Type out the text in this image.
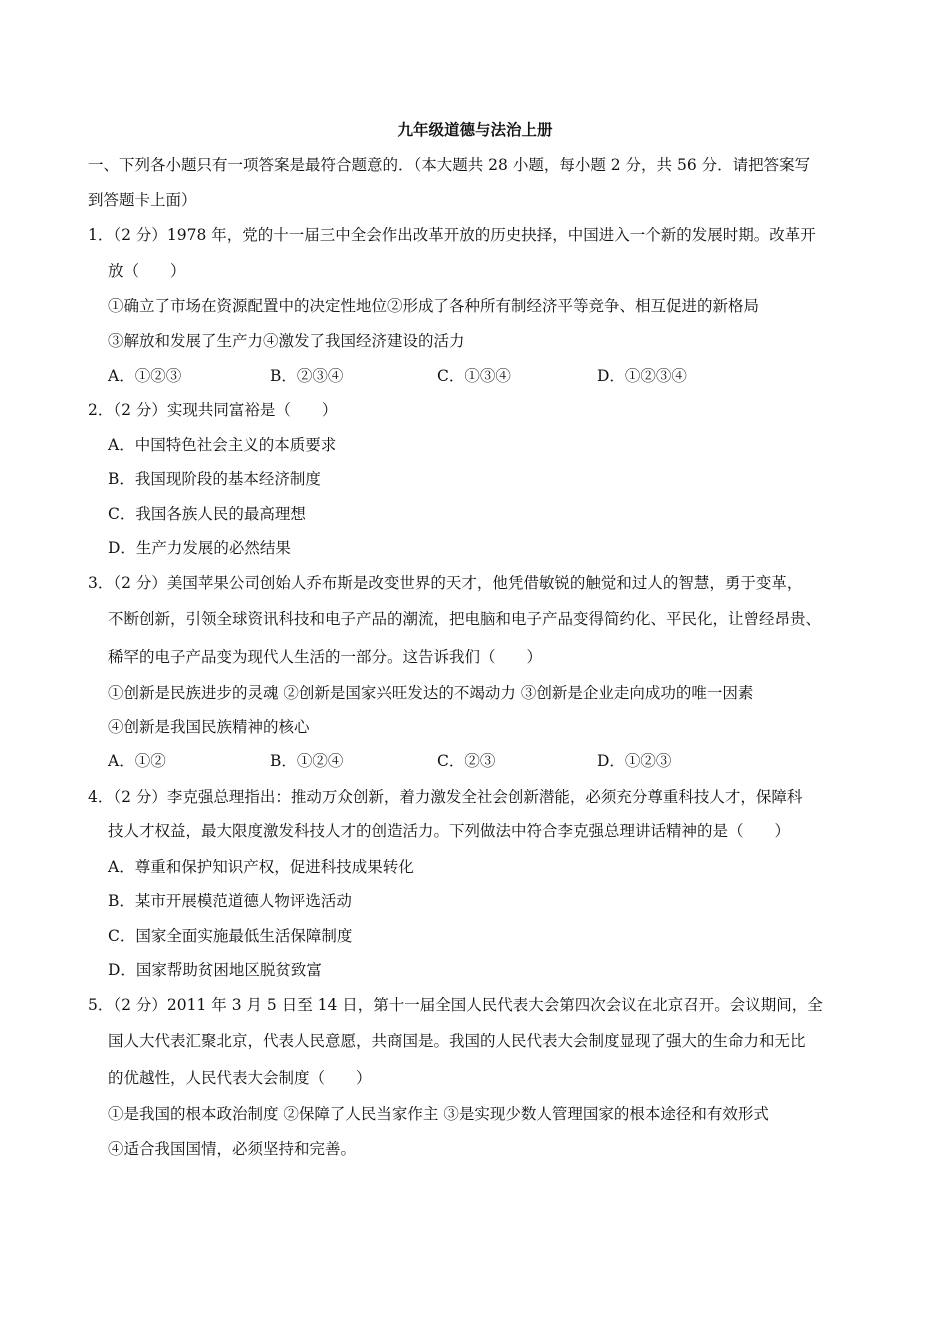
九年级道德与法治上册
一、下列各小题只有一项答案是最符合题意的．（本大题共 28 小题，每小题 2 分，共 56 分．请把答案写
到答题卡上面）
1．（2 分）1978 年，党的十一届三中全会作出改革开放的历史抉择，中国进入一个新的发展时期。改革开
放（　　）
①确立了市场在资源配置中的决定性地位②形成了各种所有制经济平等竞争、相互促进的新格局
③解放和发展了生产力④激发了我国经济建设的活力
A．①②③	B．②③④	C．①③④	D．①②③④
2．（2 分）实现共同富裕是（　　）
A．中国特色社会主义的本质要求
B．我国现阶段的基本经济制度
C．我国各族人民的最高理想
D．生产力发展的必然结果
3．（2 分）美国苹果公司创始人乔布斯是改变世界的天才，他凭借敏锐的触觉和过人的智慧，勇于变革，
不断创新，引领全球资讯科技和电子产品的潮流，把电脑和电子产品变得简约化、平民化，让曾经昂贵、
稀罕的电子产品变为现代人生活的一部分。这告诉我们（　　）
①创新是民族进步的灵魂 ②创新是国家兴旺发达的不竭动力 ③创新是企业走向成功的唯一因素
④创新是我国民族精神的核心
A．①②	B．①②④	C．②③	D．①②③
4．（2 分）李克强总理指出：推动万众创新，着力激发全社会创新潜能，必须充分尊重科技人才，保障科
技人才权益，最大限度激发科技人才的创造活力。下列做法中符合李克强总理讲话精神的是（　　）
A．尊重和保护知识产权，促进科技成果转化
B．某市开展模范道德人物评选活动
C．国家全面实施最低生活保障制度
D．国家帮助贫困地区脱贫致富
5．（2 分）2011 年 3 月 5 日至 14 日，第十一届全国人民代表大会第四次会议在北京召开。会议期间，全
国人大代表汇聚北京，代表人民意愿，共商国是。我国的人民代表大会制度显现了强大的生命力和无比
的优越性，人民代表大会制度（　　）
①是我国的根本政治制度 ②保障了人民当家作主 ③是实现少数人管理国家的根本途径和有效形式
④适合我国国情，必须坚持和完善。
